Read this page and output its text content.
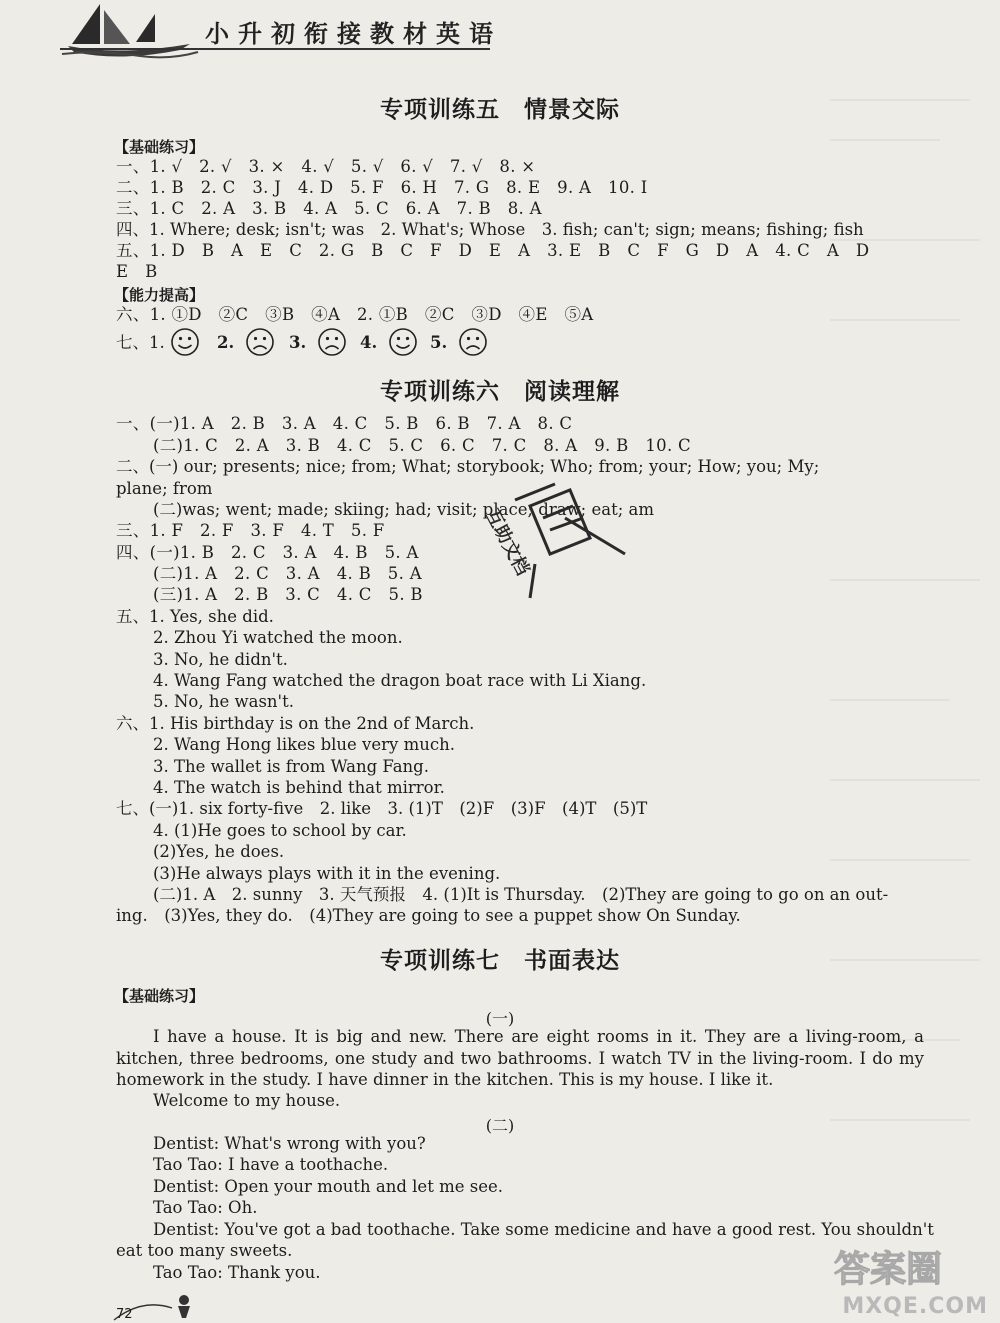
小升初衔接教材英语
专项训练五　情景交际
【基础练习】
一、1. √　2. √　3. ×　4. √　5. √　6. √　7. √　8. ×
二、1. B　2. C　3. J　4. D　5. F　6. H　7. G　8. E　9. A　10. I
三、1. C　2. A　3. B　4. A　5. C　6. A　7. B　8. A
四、1. Where; desk; isn't; was　2. What's; Whose　3. fish; can't; sign; means; fishing; fish
五、1. D　B　A　E　C　2. G　B　C　F　D　E　A　3. E　B　C　F　G　D　A　4. C　A　D
E　B
【能力提高】
六、1. ①D　②C　③B　④A　2. ①B　②C　③D　④E　⑤A
七、1.	2.	3.	4.	5.
专项训练六　阅读理解
一、(一)1. A　2. B　3. A　4. C　5. B　6. B　7. A　8. C
(二)1. C　2. A　3. B　4. C　5. C　6. C　7. C　8. A　9. B　10. C
二、(一) our; presents; nice; from; What; storybook; Who; from; your; How; you; My;
plane; from
(二)was; went; made; skiing; had; visit; place; draw; eat; am
三、1. F　2. F　3. F　4. T　5. F
四、(一)1. B　2. C　3. A　4. B　5. A
(二)1. A　2. C　3. A　4. B　5. A
(三)1. A　2. B　3. C　4. C　5. B
五、1. Yes, she did.
2. Zhou Yi watched the moon.
3. No, he didn't.
4. Wang Fang watched the dragon boat race with Li Xiang.
5. No, he wasn't.
六、1. His birthday is on the 2nd of March.
2. Wang Hong likes blue very much.
3. The wallet is from Wang Fang.
4. The watch is behind that mirror.
七、(一)1. six forty-five　2. like　3. (1)T　(2)F　(3)F　(4)T　(5)T
4. (1)He goes to school by car.
(2)Yes, he does.
(3)He always plays with it in the evening.
(二)1. A　2. sunny　3. 天气预报　4. (1)It is Thursday.　(2)They are going to go on an out-
ing.　(3)Yes, they do.　(4)They are going to see a puppet show On Sunday.
互助文档
专项训练七　书面表达
【基础练习】
(一)
I have a house. It is big and new. There are eight rooms in it. They are a living-room, a kitchen, three bedrooms, one study and two bathrooms. I watch TV in the living-room. I do my homework in the study. I have dinner in the kitchen. This is my house. I like it.
Welcome to my house.
(二)
Dentist: What's wrong with you?
Tao Tao: I have a toothache.
Dentist: Open your mouth and let me see.
Tao Tao: Oh.
Dentist: You've got a bad toothache. Take some medicine and have a good rest. You shouldn't
eat too many sweets.
Tao Tao: Thank you.
72
答案圈
MXQE.COM
